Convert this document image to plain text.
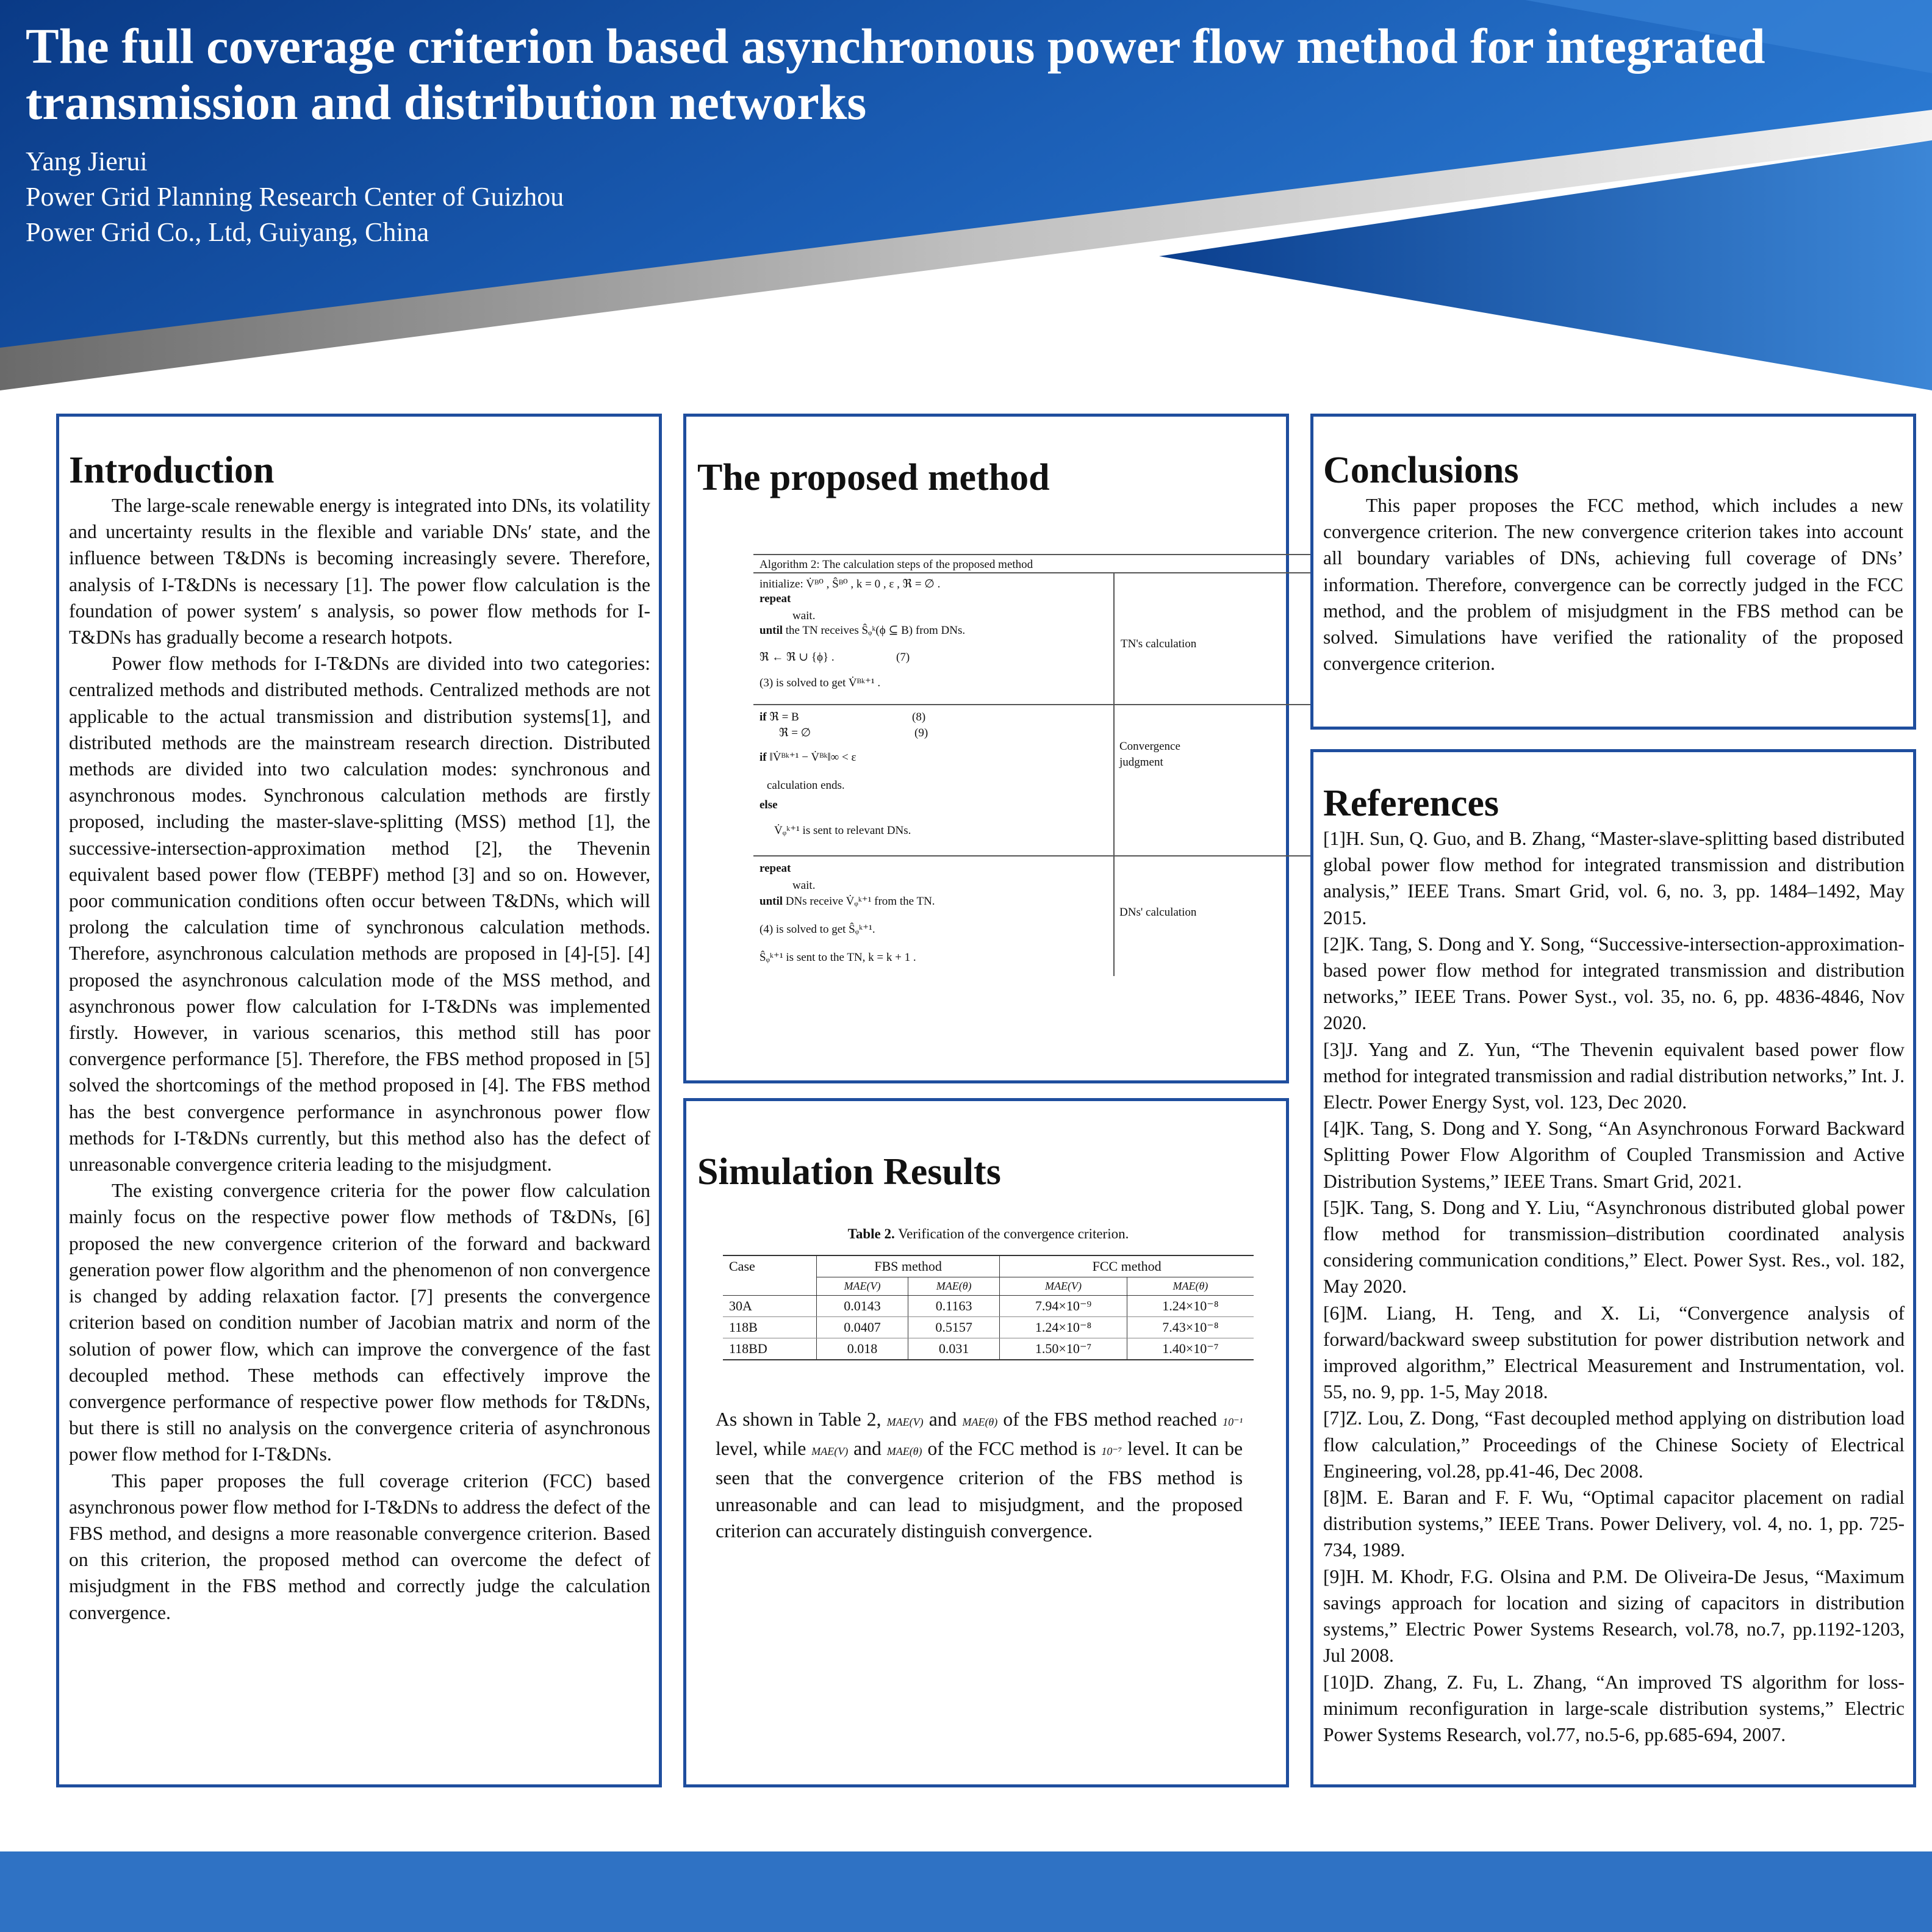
The full coverage criterion based asynchronous power flow method for integrated transmission and distribution networks
Yang Jierui
Power Grid Planning Research Center of Guizhou
Power Grid Co., Ltd, Guiyang, China
Introduction

The large-scale renewable energy is integrated into DNs, its volatility and uncertainty results in the flexible and variable DNs′ state, and the influence between T&DNs is becoming increasingly severe. Therefore, analysis of I-T&DNs is necessary [1]. The power flow calculation is the foundation of power system′ s analysis, so power flow methods for I-T&DNs has gradually become a research hotpots.

Power flow methods for I-T&DNs are divided into two categories: centralized methods and distributed methods. Centralized methods are not applicable to the actual transmission and distribution systems[1], and distributed methods are the mainstream research direction. Distributed methods are divided into two calculation modes: synchronous and asynchronous modes. Synchronous calculation methods are firstly proposed, including the master-slave-splitting (MSS) method [1], the successive-intersection-approximation method [2], the Thevenin equivalent based power flow (TEBPF) method [3] and so on. However, poor communication conditions often occur between T&DNs, which will prolong the calculation time of synchronous calculation methods. Therefore, asynchronous calculation methods are proposed in [4]-[5]. [4] proposed the asynchronous calculation mode of the MSS method, and asynchronous power flow calculation for I-T&DNs was implemented firstly. However, in various scenarios, this method still has poor convergence performance [5]. Therefore, the FBS method proposed in [5] solved the shortcomings of the method proposed in [4]. The FBS method has the best convergence performance in asynchronous power flow methods for I-T&DNs currently, but this method also has the defect of unreasonable convergence criteria leading to the misjudgment.

The existing convergence criteria for the power flow calculation mainly focus on the respective power flow methods of T&DNs, [6] proposed the new convergence criterion of the forward and backward generation power flow algorithm and the phenomenon of non convergence is changed by adding relaxation factor. [7] presents the convergence criterion based on condition number of Jacobian matrix and norm of the solution of power flow, which can improve the convergence of the fast decoupled method. These methods can effectively improve the convergence performance of respective power flow methods for T&DNs, but there is still no analysis on the convergence criteria of asynchronous power flow method for I-T&DNs.

This paper proposes the full coverage criterion (FCC) based asynchronous power flow method for I-T&DNs to address the defect of the FBS method, and designs a more reasonable convergence criterion. Based on this criterion, the proposed method can overcome the defect of misjudgment in the FBS method and correctly judge the calculation convergence.

The proposed method
Algorithm 2: The calculation steps of the proposed method
initialize: V̇ᴮ⁰ , Ŝᴮ⁰ , k = 0 , ε , ℜ = ∅ .
repeat
wait.
until the TN receives Ŝᵩᵏ(ϕ ⊆ B) from DNs.
ℜ ← ℜ ∪ {ϕ} .	(7)
(3) is solved to get V̇ᴮᵏ⁺¹ .
TN's calculation
if ℜ = B	(8)
ℜ = ∅	(9)
if ‖V̇ᴮᵏ⁺¹ − V̇ᴮᵏ‖∞ < ε
calculation ends.
else
V̇ᵩᵏ⁺¹ is sent to relevant DNs.
Convergence
judgment
repeat
wait.
until DNs receive V̇ᵩᵏ⁺¹ from the TN.
(4) is solved to get Ŝᵩᵏ⁺¹.
Ŝᵩᵏ⁺¹ is sent to the TN, k = k + 1 .
DNs' calculation
Simulation Results
Table 2. Verification of the convergence criterion.
Case	FBS method		FCC method	
	MAE(V)	MAE(θ)	MAE(V)	MAE(θ)
30A	0.0143	0.1163	7.94×10⁻⁹	1.24×10⁻⁸
118B	0.0407	0.5157	1.24×10⁻⁸	7.43×10⁻⁸
118BD	0.018	0.031	1.50×10⁻⁷	1.40×10⁻⁷
As shown in Table 2, MAE(V) and MAE(θ) of the FBS method reached 10⁻¹ level, while MAE(V) and MAE(θ) of the FCC method is 10⁻⁷ level. It can be seen that the convergence criterion of the FBS method is unreasonable and can lead to misjudgment, and the proposed criterion can accurately distinguish convergence.
Conclusions

This paper proposes the FCC method, which includes a new convergence criterion. The new convergence criterion takes into account all boundary variables of DNs, achieving full coverage of DNs’ information. Therefore, convergence can be correctly judged in the FCC method, and the problem of misjudgment in the FBS method can be solved. Simulations have verified the rationality of the proposed convergence criterion.

References
[1]H. Sun, Q. Guo, and B. Zhang, “Master-slave-splitting based distributed global power flow method for integrated transmission and distribution analysis,” IEEE Trans. Smart Grid, vol. 6, no. 3, pp. 1484–1492, May 2015.
[2]K. Tang, S. Dong and Y. Song, “Successive-intersection-approximation-based power flow method for integrated transmission and distribution networks,” IEEE Trans. Power Syst., vol. 35, no. 6, pp. 4836-4846, Nov 2020.
[3]J. Yang and Z. Yun, “The Thevenin equivalent based power flow method for integrated transmission and radial distribution networks,” Int. J. Electr. Power Energy Syst, vol. 123, Dec 2020.
[4]K. Tang, S. Dong and Y. Song, “An Asynchronous Forward Backward Splitting Power Flow Algorithm of Coupled Transmission and Active Distribution Systems,” IEEE Trans. Smart Grid, 2021.
[5]K. Tang, S. Dong and Y. Liu, “Asynchronous distributed global power flow method for transmission–distribution coordinated analysis considering communication conditions,” Elect. Power Syst. Res., vol. 182, May 2020.
[6]M. Liang, H. Teng, and X. Li, “Convergence analysis of forward/backward sweep substitution for power distribution network and improved algorithm,” Electrical Measurement and Instrumentation, vol. 55, no. 9, pp. 1-5, May 2018.
[7]Z. Lou, Z. Dong, “Fast decoupled method applying on distribution load flow calculation,” Proceedings of the Chinese Society of Electrical Engineering, vol.28, pp.41-46, Dec 2008.
[8]M. E. Baran and F. F. Wu, “Optimal capacitor placement on radial distribution systems,” IEEE Trans. Power Delivery, vol. 4, no. 1, pp. 725-734, 1989.
[9]H. M. Khodr, F.G. Olsina and P.M. De Oliveira-De Jesus, “Maximum savings approach for location and sizing of capacitors in distribution systems,” Electric Power Systems Research, vol.78, no.7, pp.1192-1203, Jul 2008.
[10]D. Zhang, Z. Fu, L. Zhang, “An improved TS algorithm for loss-minimum reconfiguration in large-scale distribution systems,” Electric Power Systems Research, vol.77, no.5-6, pp.685-694, 2007.
